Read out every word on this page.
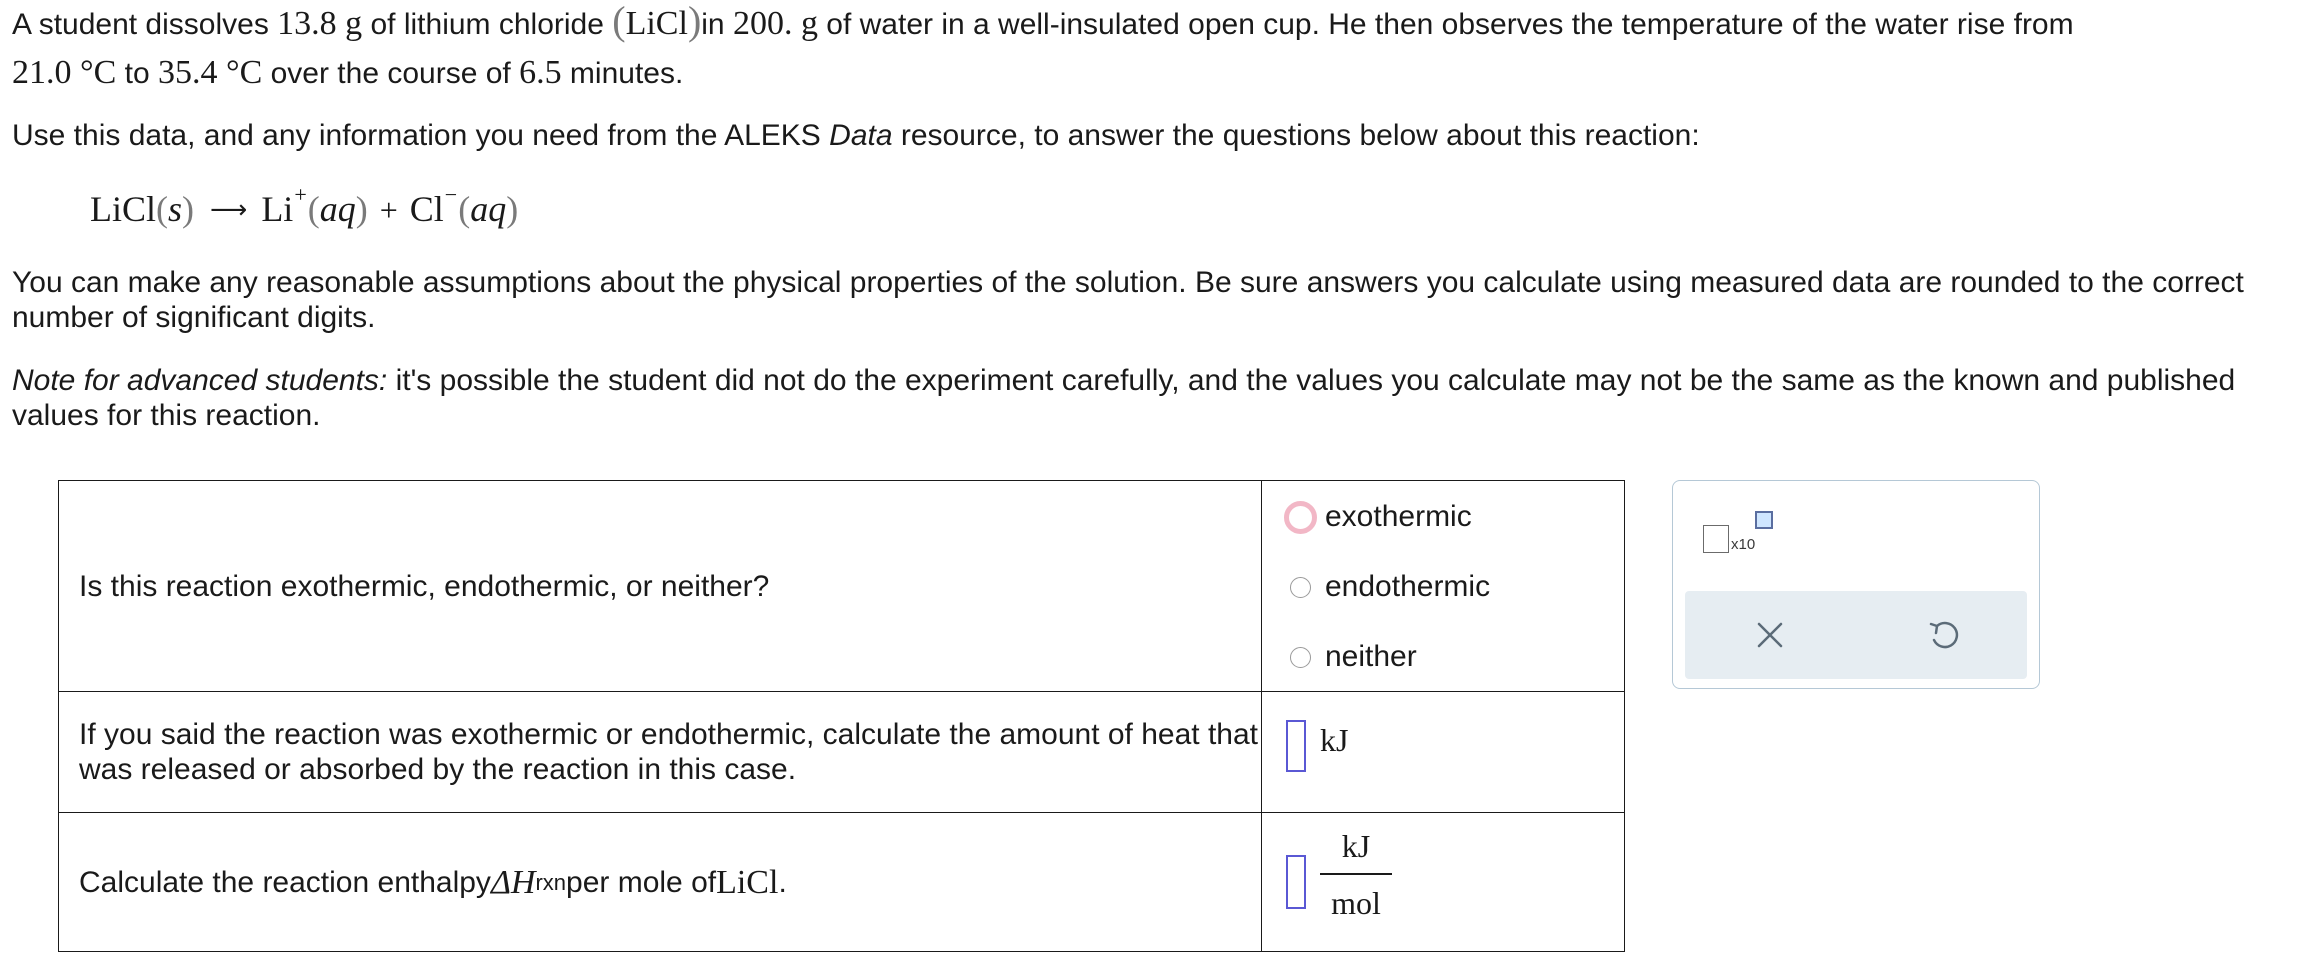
A student dissolves 13.8 g of lithium chloride (LiCl)in 200. g of water in a well-insulated open cup. He then observes the temperature of the water rise from
21.0 °C to 35.4 °C over the course of 6.5 minutes.

Use this data, and any information you need from the ALEKS Data resource, to answer the questions below about this reaction:

LiCl(s) ⟶ Li+(aq) + Cl−(aq)

You can make any reasonable assumptions about the physical properties of the solution. Be sure answers you calculate using measured data are rounded to the correct number of significant digits.

Note for advanced students: it's possible the student did not do the experiment carefully, and the values you calculate may not be the same as the known and published values for this reaction.

Is this reaction exothermic, endothermic, or neither?
exothermic
endothermic
neither
If you said the reaction was exothermic or endothermic, calculate the amount of heat that was released or absorbed by the reaction in this case.
kJ
Calculate the reaction enthalpy ΔH rxn per mole of LiCl .
kJ
mol
x10
